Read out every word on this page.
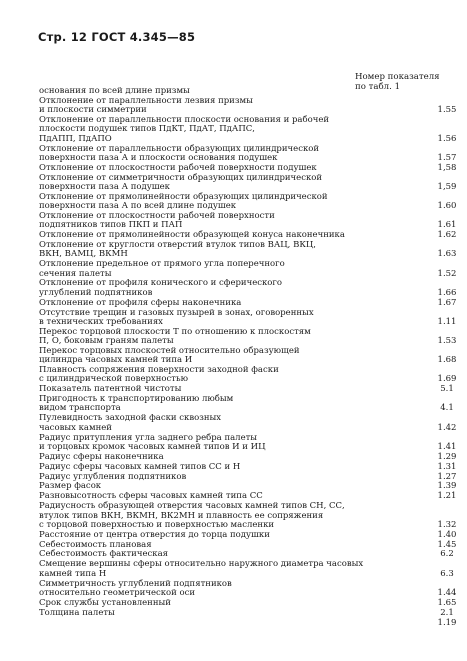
Стр. 12 ГОСТ 4.345—85
Номер показателя
по табл. 1
основания по всей длине призмы
Отклонение от параллельности лезвия призмы
и плоскости симметрии	1.55
Отклонение от параллельности плоскости основания и рабочей
плоскости подушек типов ПдКТ, ПдАТ, ПдАПС,
ПдАПП, ПдАПО	1.56
Отклонение от параллельности образующих цилиндрической
поверхности паза А и плоскости основания подушек	1.57
Отклонение от плоскостности рабочей поверхности подушек	1,58
Отклонение от симметричности образующих цилиндрической
поверхности паза А подушек	1,59
Отклонение от прямолинейности образующих цилиндрической
поверхности паза А по всей длине подушек	1.60
Отклонение от плоскостности рабочей поверхности
подпятников типов ПКП и ПАП	1.61
Отклонение от прямолинейности образующей конуса наконечника	1.62
Отклонение от круглости отверстий втулок типов ВАЦ, ВКЦ,
ВКН, ВАМЦ, ВКМН	1.63
Отклонение предельное от прямого угла поперечного
сечения палеты	1.52
Отклонение от профиля конического и сферического
углублений подпятников	1.66
Отклонение от профиля сферы наконечника	1.67
Отсутствие трещин и газовых пузырей в зонах, оговоренных
в технических требованиях	1.11
Перекос торцовой плоскости Т по отношению к плоскостям
П, О, боковым граням палеты	1.53
Перекос торцовых плоскостей относительно образующей
цилиндра часовых камней типа И	1.68
Плавность сопряжения поверхности заходной фаски
с цилиндрической поверхностью	1.69
Показатель патентной чистоты	5.1
Пригодность к транспортированию любым
видом транспорта	4.1
Пулевидность заходной фаски сквозных
часовых камней	1.42
Радиус притупления угла заднего ребра палеты
и торцовых кромок часовых камней типов И и ИЦ	1.41
Радиус сферы наконечника	1.29
Радиус сферы часовых камней типов СС и Н	1.31
Радиус углубления подпятников	1.27
Размер фасок	1.39
Разновысотность сферы часовых камней типа СС	1.21
Радиусность образующей отверстия часовых камней типов СН, СС,
втулок типов ВКН, ВКМН, ВК2МН и плавность ее сопряжения
с торцовой поверхностью и поверхностью масленки	1.32
Расстояние от центра отверстия до торца подушки	1.40
Себестоимость плановая	1.45
Себестоимость фактическая	6.2
Смещение вершины сферы относительно наружного диаметра часовых
камней типа Н	6.3
Симметричность углублений подпятников
относительно геометрической оси	1.44
Срок службы установленный	1.65
Толщина палеты	2.1

1.19
